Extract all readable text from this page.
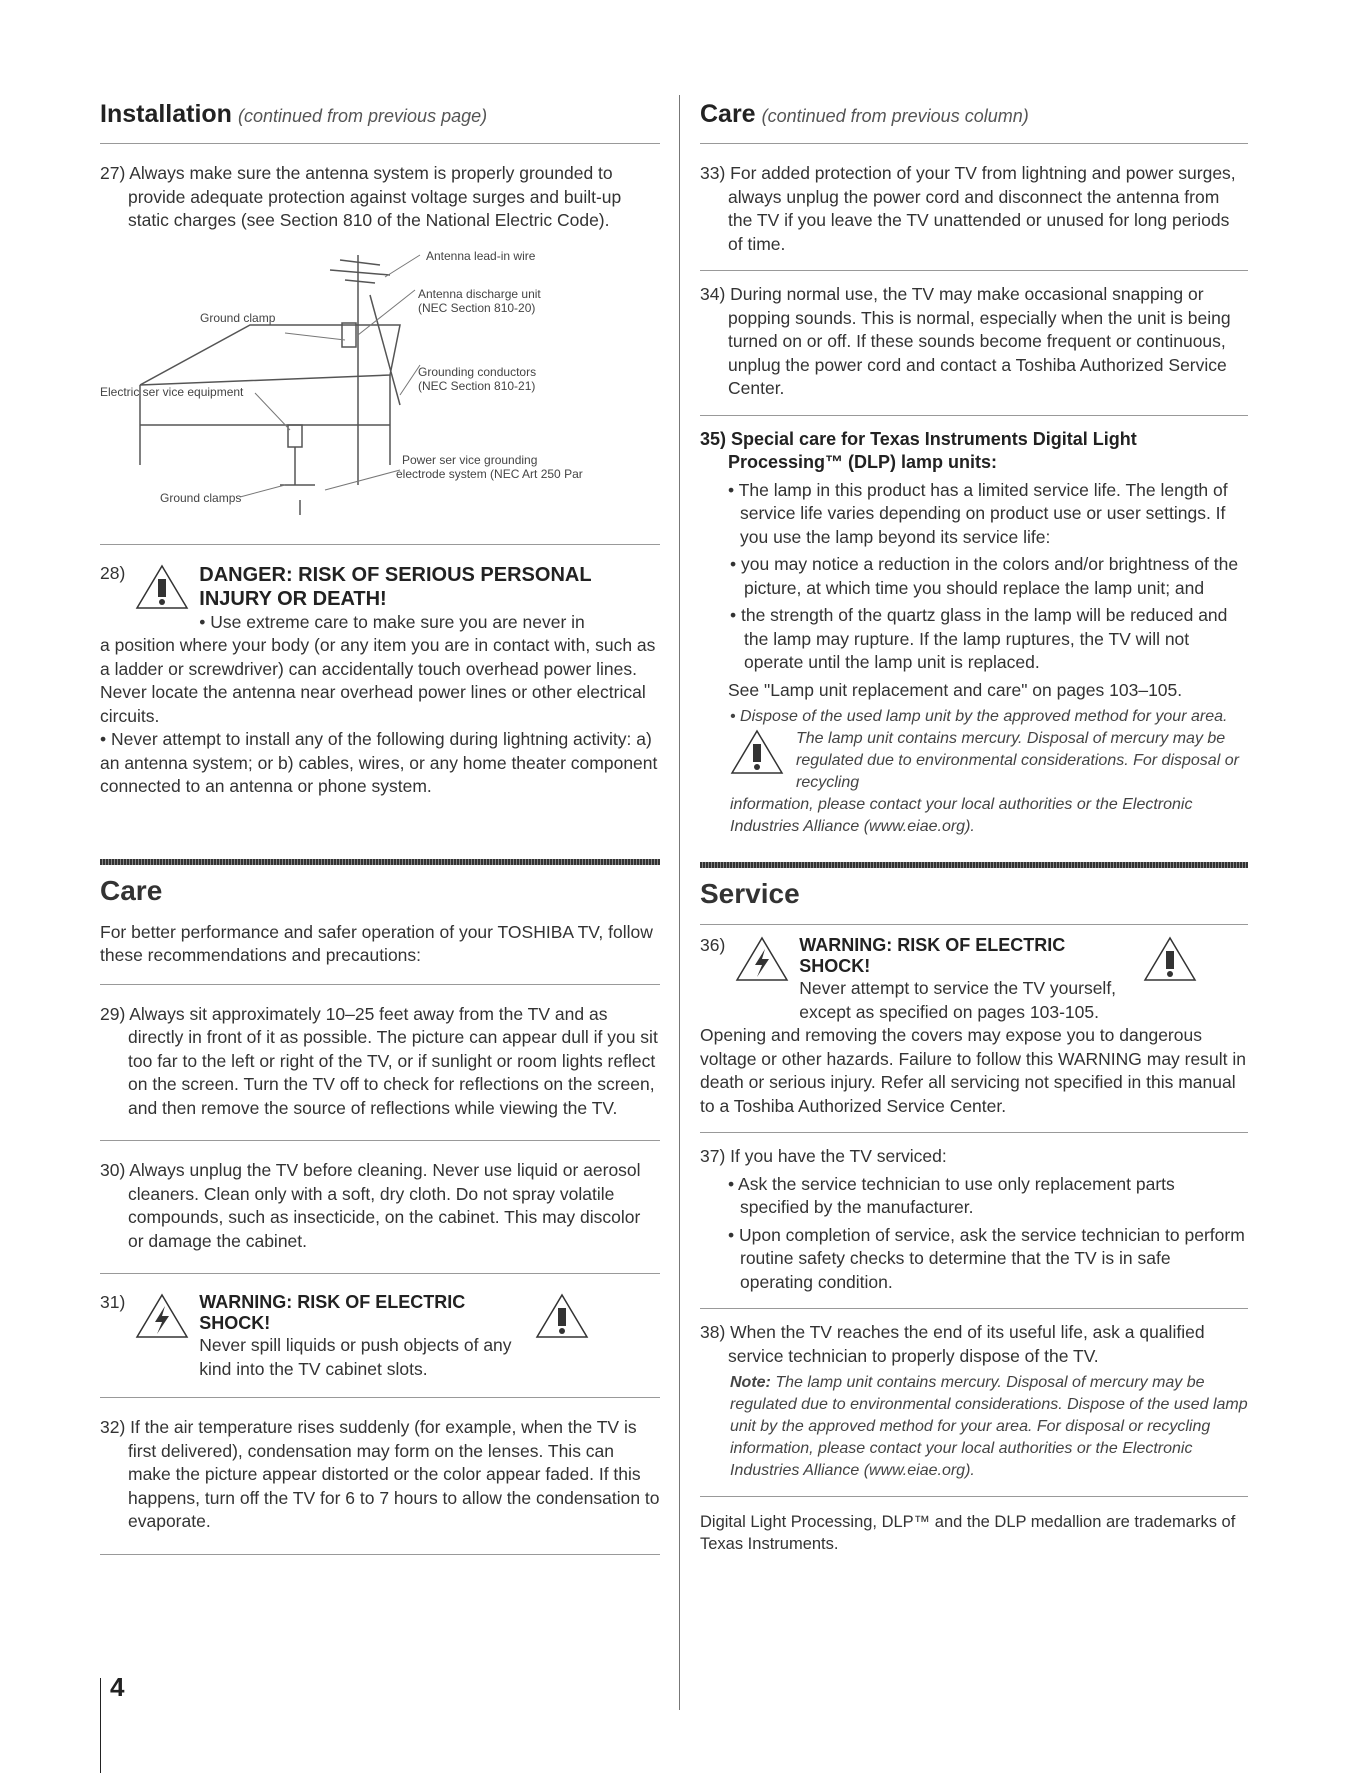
Installation (continued from previous page)

27) Always make sure the antenna system is properly grounded to provide adequate protection against voltage surges and built-up static charges (see Section 810 of the National Electric Code).

Antenna lead-in wire
Antenna discharge unit
(NEC Section 810-20)
Ground clamp
Grounding conductors
(NEC Section 810-21)
Electric ser vice equipment
Power ser vice grounding
electrode system (NEC Art 250 Par
Ground clamps
28)	DANGER: RISK OF SERIOUS PERSONAL INJURY OR DEATH!

• Use extreme care to make sure you are never in

a position where your body (or any item you are in contact with, such as a ladder or screwdriver) can accidentally touch overhead power lines. Never locate the antenna near overhead power lines or other electrical circuits.

• Never attempt to install any of the following during lightning activity: a) an antenna system; or b) cables, wires, or any home theater component connected to an antenna or phone system.

Care

For better performance and safer operation of your TOSHIBA TV, follow these recommendations and precautions:

29) Always sit approximately 10–25 feet away from the TV and as directly in front of it as possible. The picture can appear dull if you sit too far to the left or right of the TV, or if sunlight or room lights reflect on the screen. Turn the TV off to check for reflections on the screen, and then remove the source of reflections while viewing the TV.

30) Always unplug the TV before cleaning. Never use liquid or aerosol cleaners. Clean only with a soft, dry cloth. Do not spray volatile compounds, such as insecticide, on the cabinet. This may discolor or damage the cabinet.

31)	WARNING: RISK OF ELECTRIC SHOCK!

Never spill liquids or push objects of any kind into the TV cabinet slots.

32) If the air temperature rises suddenly (for example, when the TV is first delivered), condensation may form on the lenses. This can make the picture appear distorted or the color appear faded. If this happens, turn off the TV for 6 to 7 hours to allow the condensation to evaporate.

4
Care (continued from previous column)

33) For added protection of your TV from lightning and power surges, always unplug the power cord and disconnect the antenna from the TV if you leave the TV unattended or unused for long periods of time.

34) During normal use, the TV may make occasional snapping or popping sounds. This is normal, especially when the unit is being turned on or off. If these sounds become frequent or continuous, unplug the power cord and contact a Toshiba Authorized Service Center.

35) Special care for Texas Instruments Digital Light Processing™ (DLP) lamp units:

• The lamp in this product has a limited service life. The length of service life varies depending on product use or user settings. If you use the lamp beyond its service life:

• you may notice a reduction in the colors and/or brightness of the picture, at which time you should replace the lamp unit; and

• the strength of the quartz glass in the lamp will be reduced and the lamp may rupture. If the lamp ruptures, the TV will not operate until the lamp unit is replaced.

See "Lamp unit replacement and care" on pages 103–105.

• Dispose of the used lamp unit by the approved method for your area.

The lamp unit contains mercury. Disposal of mercury may be regulated due to environmental considerations. For disposal or recycling

information, please contact your local authorities or the Electronic Industries Alliance (www.eiae.org).

Service
36)	WARNING: RISK OF ELECTRIC SHOCK!

Never attempt to service the TV yourself, except as specified on pages 103-105.

Opening and removing the covers may expose you to dangerous voltage or other hazards. Failure to follow this WARNING may result in death or serious injury. Refer all servicing not specified in this manual to a Toshiba Authorized Service Center.

37) If you have the TV serviced:

• Ask the service technician to use only replacement parts specified by the manufacturer.

• Upon completion of service, ask the service technician to perform routine safety checks to determine that the TV is in safe operating condition.

38) When the TV reaches the end of its useful life, ask a qualified service technician to properly dispose of the TV.

Note: The lamp unit contains mercury. Disposal of mercury may be regulated due to environmental considerations. Dispose of the used lamp unit by the approved method for your area. For disposal or recycling information, please contact your local authorities or the Electronic Industries Alliance (www.eiae.org).

Digital Light Processing, DLP™ and the DLP medallion are trademarks of Texas Instruments.
